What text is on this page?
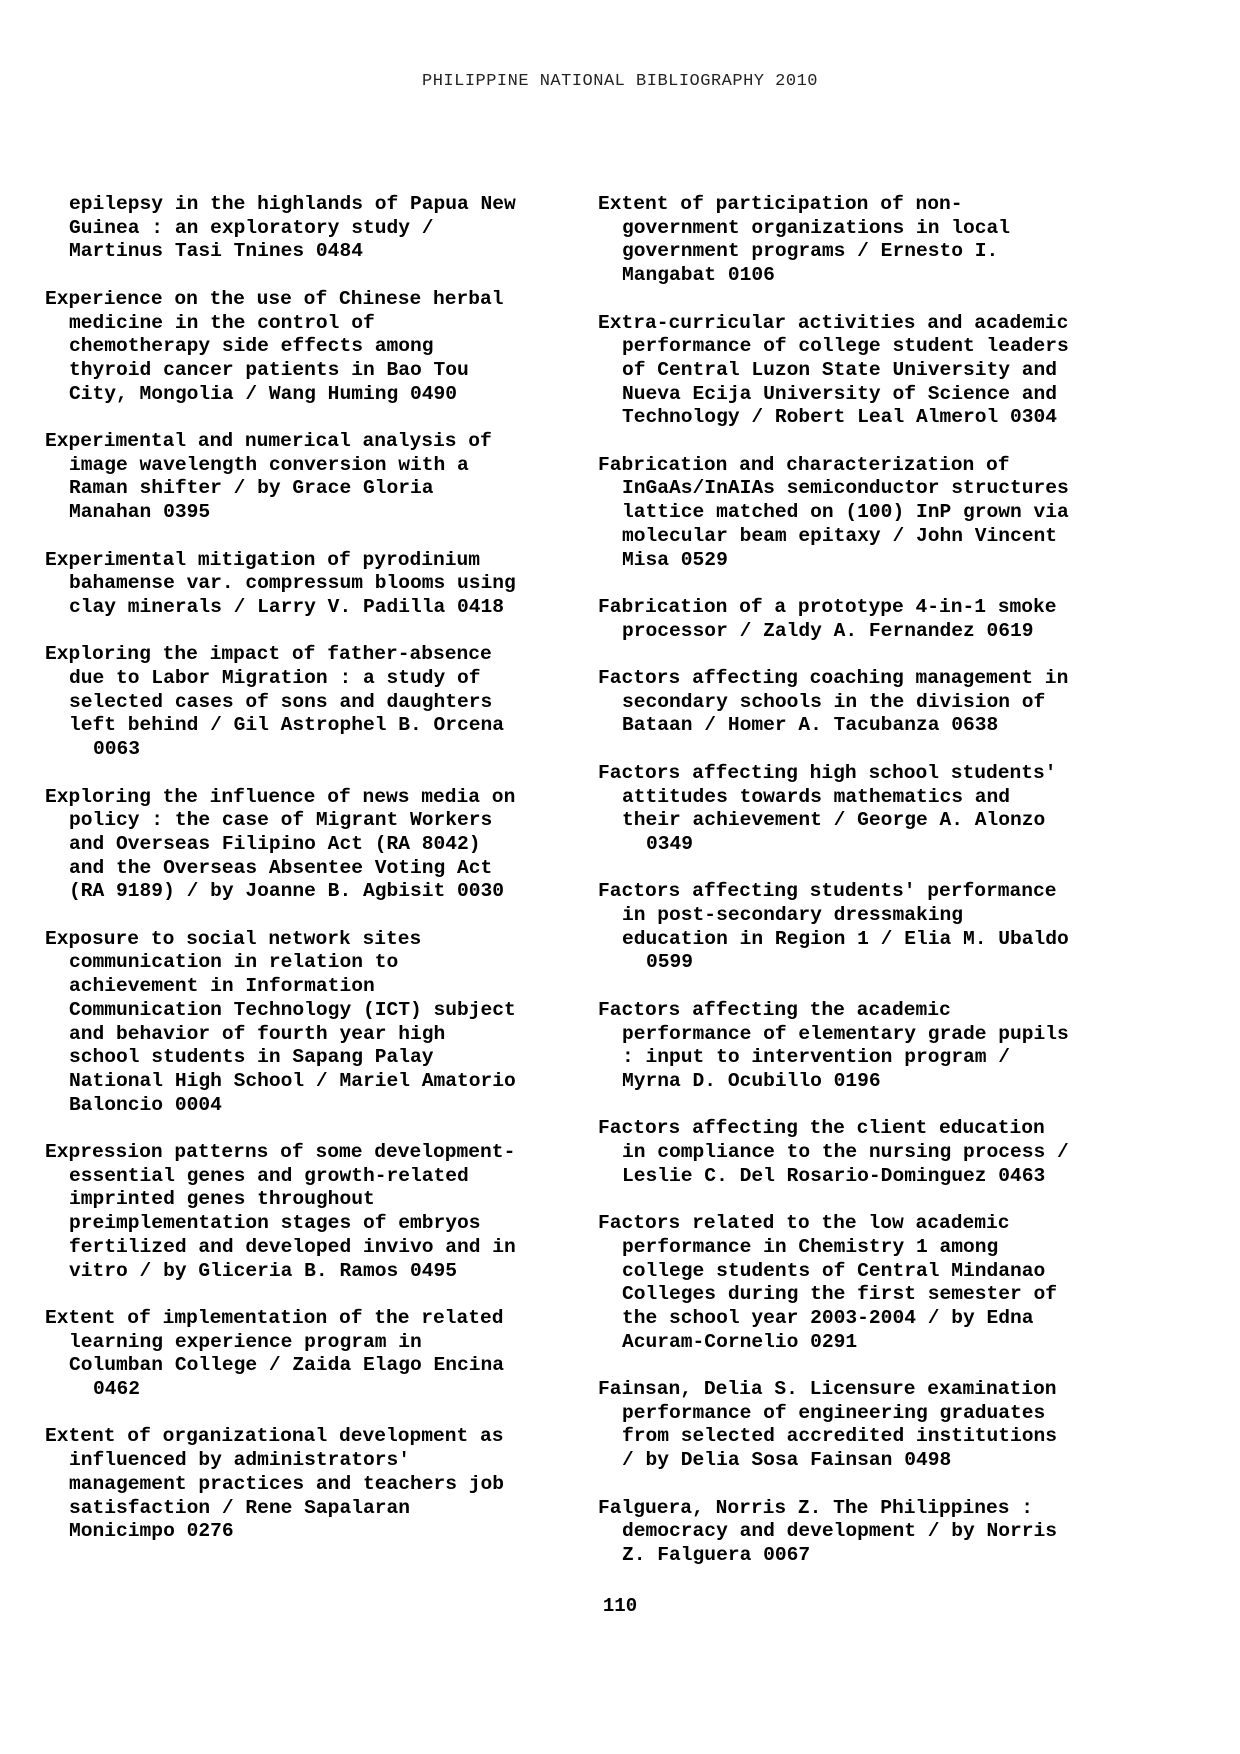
PHILIPPINE NATIONAL BIBLIOGRAPHY 2010
epilepsy in the highlands of Papua New
Guinea : an exploratory study /
Martinus Tasi Tnines 0484
Experience on the use of Chinese herbal
medicine in the control of
chemotherapy side effects among
thyroid cancer patients in Bao Tou
City, Mongolia / Wang Huming 0490
Experimental and numerical analysis of
image wavelength conversion with a
Raman shifter / by Grace Gloria
Manahan 0395
Experimental mitigation of pyrodinium
bahamense var. compressum blooms using
clay minerals / Larry V. Padilla 0418
Exploring the impact of father-absence
due to Labor Migration : a study of
selected cases of sons and daughters
left behind / Gil Astrophel B. Orcena
0063
Exploring the influence of news media on
policy : the case of Migrant Workers
and Overseas Filipino Act (RA 8042)
and the Overseas Absentee Voting Act
(RA 9189) / by Joanne B. Agbisit 0030
Exposure to social network sites
communication in relation to
achievement in Information
Communication Technology (ICT) subject
and behavior of fourth year high
school students in Sapang Palay
National High School / Mariel Amatorio
Baloncio 0004
Expression patterns of some development-
essential genes and growth-related
imprinted genes throughout
preimplementation stages of embryos
fertilized and developed invivo and in
vitro / by Gliceria B. Ramos 0495
Extent of implementation of the related
learning experience program in
Columban College / Zaida Elago Encina
0462
Extent of organizational development as
influenced by administrators'
management practices and teachers job
satisfaction / Rene Sapalaran
Monicimpo 0276
Extent of participation of non-
government organizations in local
government programs / Ernesto I.
Mangabat 0106
Extra-curricular activities and academic
performance of college student leaders
of Central Luzon State University and
Nueva Ecija University of Science and
Technology / Robert Leal Almerol 0304
Fabrication and characterization of
InGaAs/InAIAs semiconductor structures
lattice matched on (100) InP grown via
molecular beam epitaxy / John Vincent
Misa 0529
Fabrication of a prototype 4-in-1 smoke
processor / Zaldy A. Fernandez 0619
Factors affecting coaching management in
secondary schools in the division of
Bataan / Homer A. Tacubanza 0638
Factors affecting high school students'
attitudes towards mathematics and
their achievement / George A. Alonzo
0349
Factors affecting students' performance
in post-secondary dressmaking
education in Region 1 / Elia M. Ubaldo
0599
Factors affecting the academic
performance of elementary grade pupils
: input to intervention program /
Myrna D. Ocubillo 0196
Factors affecting the client education
in compliance to the nursing process /
Leslie C. Del Rosario-Dominguez 0463
Factors related to the low academic
performance in Chemistry 1 among
college students of Central Mindanao
Colleges during the first semester of
the school year 2003-2004 / by Edna
Acuram-Cornelio 0291
Fainsan, Delia S. Licensure examination
performance of engineering graduates
from selected accredited institutions
/ by Delia Sosa Fainsan 0498
Falguera, Norris Z. The Philippines :
democracy and development / by Norris
Z. Falguera 0067
110
